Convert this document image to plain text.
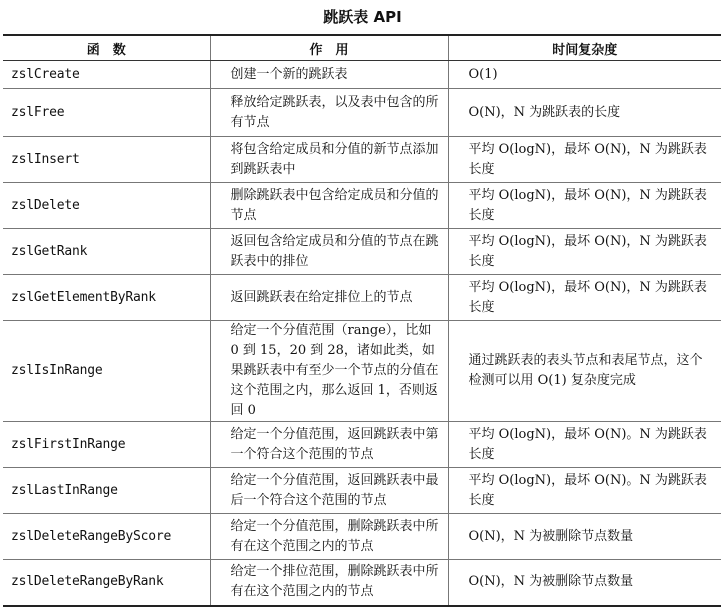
跳跃表 API
函　数	作　用	时间复杂度
zslCreate	创建一个新的跳跃表	O(1)
zslFree	释放给定跳跃表，以及表中包含的所有节点	O(N)，N 为跳跃表的长度
zslInsert	将包含给定成员和分值的新节点添加到跳跃表中	平均 O(logN)，最坏 O(N)，N 为跳跃表长度
zslDelete	删除跳跃表中包含给定成员和分值的节点	平均 O(logN)，最坏 O(N)，N 为跳跃表长度
zslGetRank	返回包含给定成员和分值的节点在跳跃表中的排位	平均 O(logN)，最坏 O(N)，N 为跳跃表长度
zslGetElementByRank	返回跳跃表在给定排位上的节点	平均 O(logN)，最坏 O(N)，N 为跳跃表长度
zslIsInRange	给定一个分值范围（range），比如 0 到 15，20 到 28，诸如此类，如果跳跃表中有至少一个节点的分值在这个范围之内，那么返回 1，否则返回 0	通过跳跃表的表头节点和表尾节点，这个检测可以用 O(1) 复杂度完成
zslFirstInRange	给定一个分值范围，返回跳跃表中第一个符合这个范围的节点	平均 O(logN)，最坏 O(N)。N 为跳跃表长度
zslLastInRange	给定一个分值范围，返回跳跃表中最后一个符合这个范围的节点	平均 O(logN)，最坏 O(N)。N 为跳跃表长度
zslDeleteRangeByScore	给定一个分值范围，删除跳跃表中所有在这个范围之内的节点	O(N)，N 为被删除节点数量
zslDeleteRangeByRank	给定一个排位范围，删除跳跃表中所有在这个范围之内的节点	O(N)，N 为被删除节点数量
